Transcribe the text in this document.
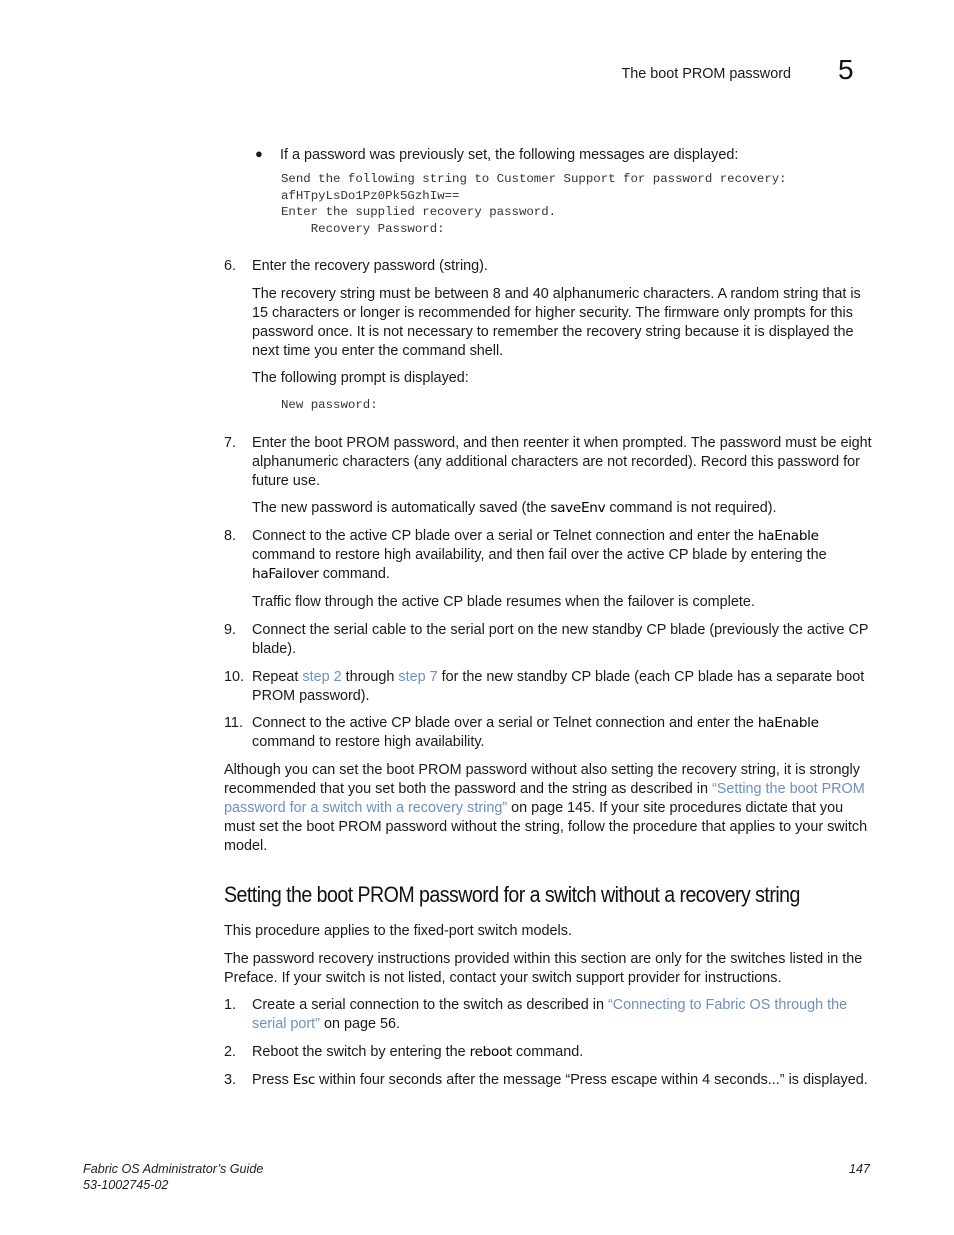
The boot PROM password 5
● If a password was previously set, the following messages are displayed:

Send the following string to Customer Support for password recovery:
afHTpyLsDo1Pz0Pk5GzhIw==
Enter the supplied recovery password.
Recovery Password:
6. Enter the recovery password (string).

The recovery string must be between 8 and 40 alphanumeric characters. A random string that is 15 characters or longer is recommended for higher security. The firmware only prompts for this password once. It is not necessary to remember the recovery string because it is displayed the next time you enter the command shell.

The following prompt is displayed:

New password:
7. Enter the boot PROM password, and then reenter it when prompted. The password must be eight alphanumeric characters (any additional characters are not recorded). Record this password for future use.

The new password is automatically saved (the saveEnv command is not required).

8. Connect to the active CP blade over a serial or Telnet connection and enter the haEnable command to restore high availability, and then fail over the active CP blade by entering the haFailover command.

Traffic flow through the active CP blade resumes when the failover is complete.

9. Connect the serial cable to the serial port on the new standby CP blade (previously the active CP blade).

10. Repeat step 2 through step 7 for the new standby CP blade (each CP blade has a separate boot PROM password).

11. Connect to the active CP blade over a serial or Telnet connection and enter the haEnable command to restore high availability.

Although you can set the boot PROM password without also setting the recovery string, it is strongly recommended that you set both the password and the string as described in “Setting the boot PROM password for a switch with a recovery string” on page 145. If your site procedures dictate that you must set the boot PROM password without the string, follow the procedure that applies to your switch model.

Setting the boot PROM password for a switch without a recovery string

This procedure applies to the fixed-port switch models.

The password recovery instructions provided within this section are only for the switches listed in the Preface. If your switch is not listed, contact your switch support provider for instructions.

1. Create a serial connection to the switch as described in “Connecting to Fabric OS through the serial port” on page 56.

2. Reboot the switch by entering the reboot command.

3. Press Esc within four seconds after the message “Press escape within 4 seconds...” is displayed.

Fabric OS Administrator’s Guide
53-1002745-02
147
